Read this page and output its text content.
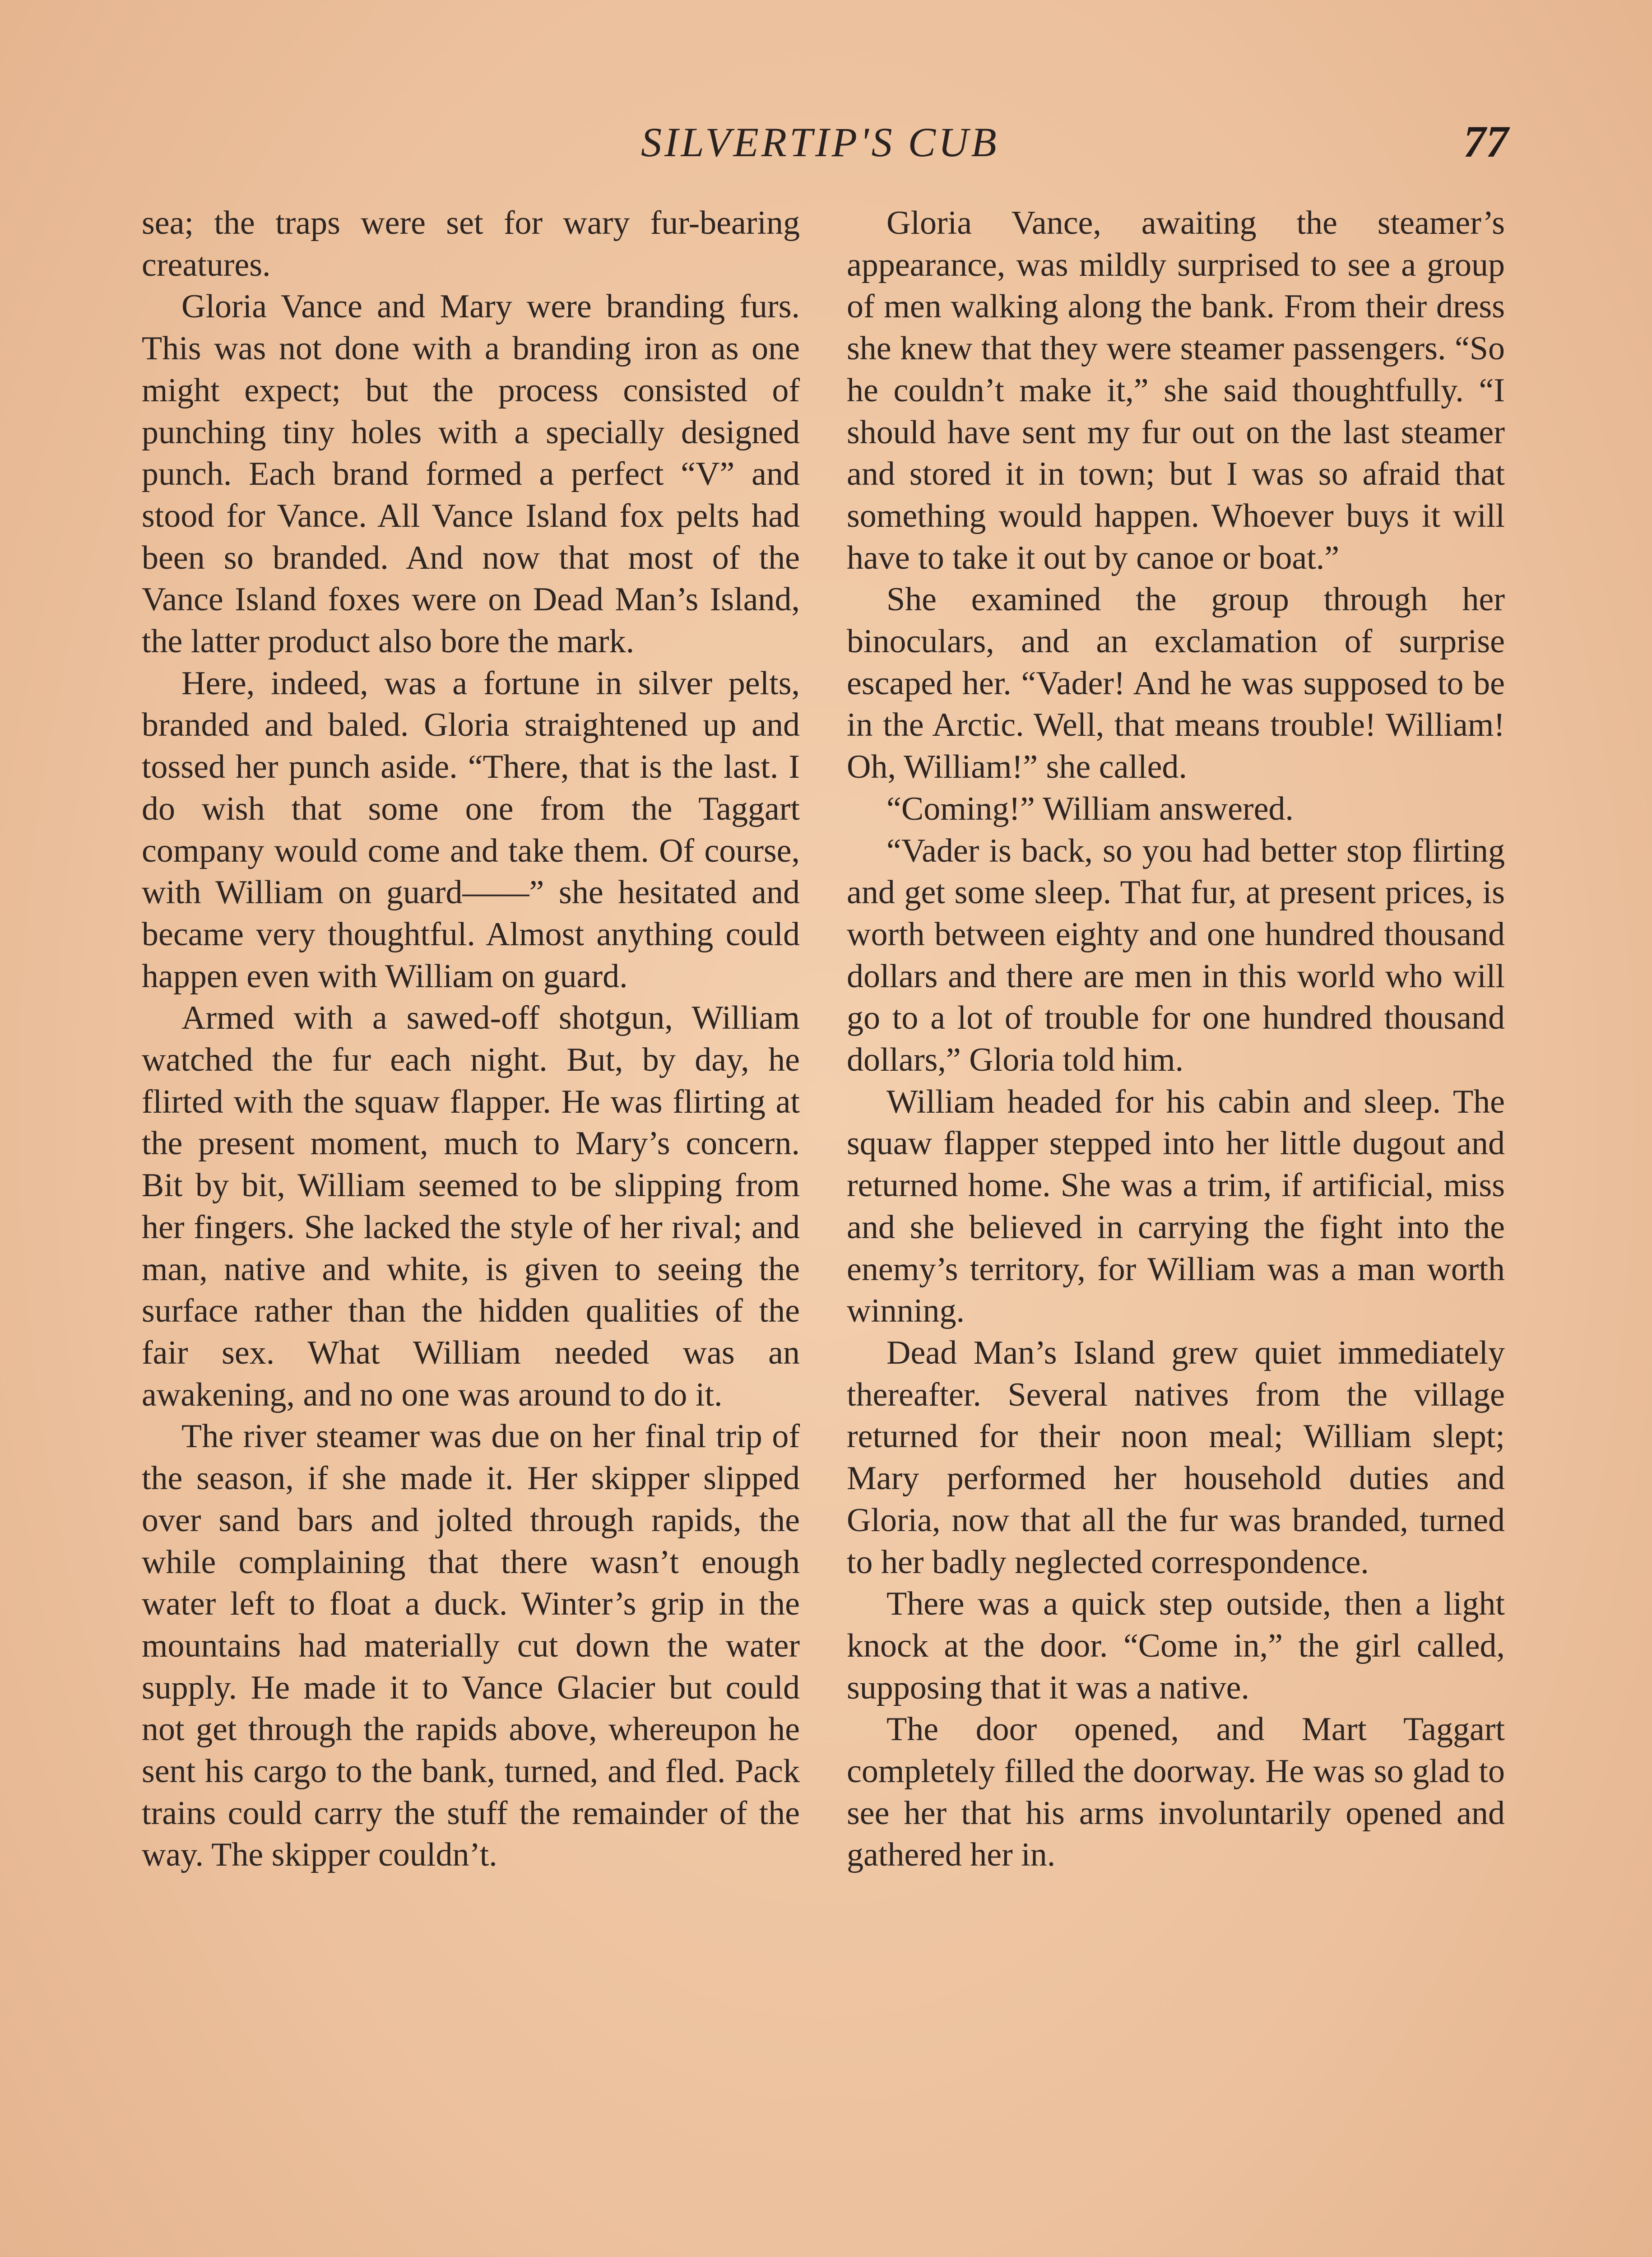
SILVERTIP'S CUB	77

sea; the traps were set for wary fur-bearing creatures.

Gloria Vance and Mary were branding furs. This was not done with a branding iron as one might expect; but the process consisted of punching tiny holes with a specially designed punch. Each brand formed a perfect “V” and stood for Vance. All Vance Island fox pelts had been so branded. And now that most of the Vance Island foxes were on Dead Man’s Island, the latter product also bore the mark.

Here, indeed, was a fortune in silver pelts, branded and baled. Gloria straightened up and tossed her punch aside. “There, that is the last. I do wish that some one from the Taggart company would come and take them. Of course, with William on guard——” she hesitated and became very thoughtful. Almost anything could happen even with William on guard.

Armed with a sawed-off shotgun, William watched the fur each night. But, by day, he flirted with the squaw flapper. He was flirting at the present moment, much to Mary’s concern. Bit by bit, William seemed to be slipping from her fingers. She lacked the style of her rival; and man, native and white, is given to seeing the surface rather than the hidden qualities of the fair sex. What William needed was an awakening, and no one was around to do it.

The river steamer was due on her final trip of the season, if she made it. Her skipper slipped over sand bars and jolted through rapids, the while complaining that there wasn’t enough water left to float a duck. Winter’s grip in the mountains had materially cut down the water supply. He made it to Vance Glacier but could not get through the rapids above, whereupon he sent his cargo to the bank, turned, and fled. Pack trains could carry the stuff the remainder of the way. The skipper couldn’t.

Gloria Vance, awaiting the steamer’s appearance, was mildly surprised to see a group of men walking along the bank. From their dress she knew that they were steamer passengers. “So he couldn’t make it,” she said thoughtfully. “I should have sent my fur out on the last steamer and stored it in town; but I was so afraid that something would happen. Whoever buys it will have to take it out by canoe or boat.”

She examined the group through her binoculars, and an exclamation of surprise escaped her. “Vader! And he was supposed to be in the Arctic. Well, that means trouble! William! Oh, William!” she called.

“Coming!” William answered.

“Vader is back, so you had better stop flirting and get some sleep. That fur, at present prices, is worth between eighty and one hundred thousand dollars and there are men in this world who will go to a lot of trouble for one hundred thousand dollars,” Gloria told him.

William headed for his cabin and sleep. The squaw flapper stepped into her little dugout and returned home. She was a trim, if artificial, miss and she believed in carrying the fight into the enemy’s territory, for William was a man worth winning.

Dead Man’s Island grew quiet immediately thereafter. Several natives from the village returned for their noon meal; William slept; Mary performed her household duties and Gloria, now that all the fur was branded, turned to her badly neglected correspondence.

There was a quick step outside, then a light knock at the door. “Come in,” the girl called, supposing that it was a native.

The door opened, and Mart Taggart completely filled the doorway. He was so glad to see her that his arms involuntarily opened and gathered her in.
